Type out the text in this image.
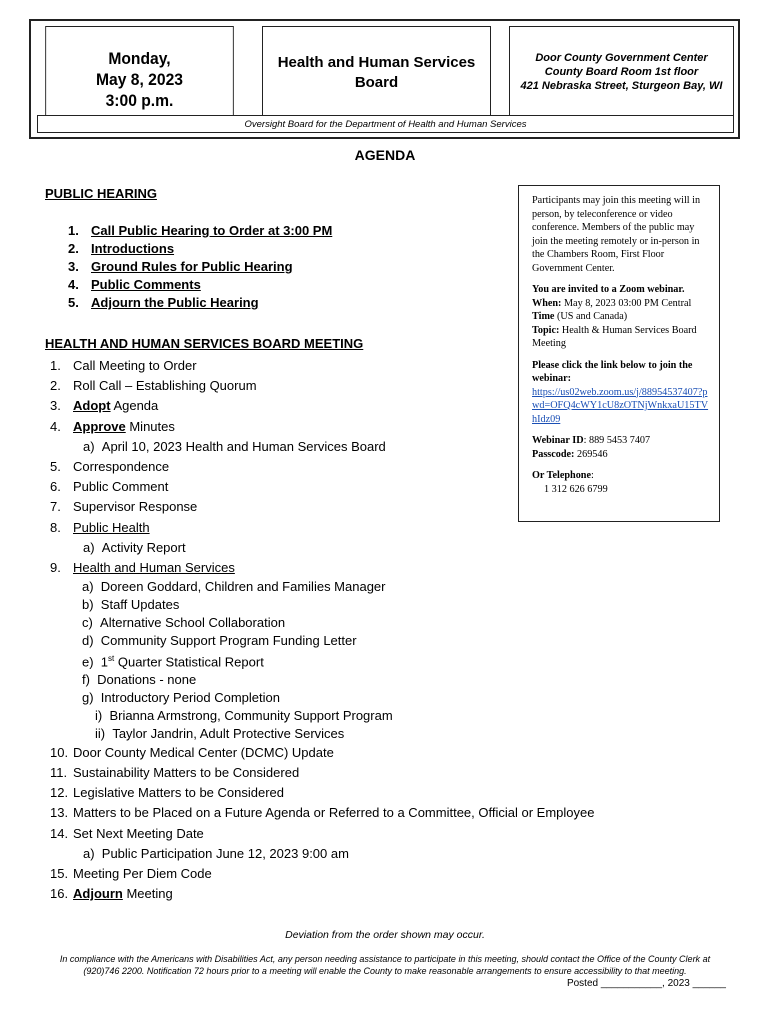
Monday,
May 8, 2023
3:00 p.m.
Health and Human Services
Board
Door County Government Center
County Board Room 1st floor
421 Nebraska Street, Sturgeon Bay, WI
Oversight Board for the Department of Health and Human Services
AGENDA
PUBLIC HEARING
1. Call Public Hearing to Order at 3:00 PM
2. Introductions
3. Ground Rules for Public Hearing
4. Public Comments
5. Adjourn the Public Hearing
HEALTH AND HUMAN SERVICES BOARD MEETING
1. Call Meeting to Order
2. Roll Call – Establishing Quorum
3. Adopt Agenda
4. Approve Minutes
a)  April 10, 2023 Health and Human Services Board
5. Correspondence
6. Public Comment
7. Supervisor Response
8. Public Health
a)  Activity Report
9. Health and Human Services
a)  Doreen Goddard, Children and Families Manager
b)  Staff Updates
c)  Alternative School Collaboration
d)  Community Support Program Funding Letter
e)  1st Quarter Statistical Report
f)  Donations - none
g)  Introductory Period Completion
i)  Brianna Armstrong, Community Support Program
ii)  Taylor Jandrin, Adult Protective Services
10. Door County Medical Center (DCMC) Update
11. Sustainability Matters to be Considered
12. Legislative Matters to be Considered
13. Matters to be Placed on a Future Agenda or Referred to a Committee, Official or Employee
14. Set Next Meeting Date
a)  Public Participation June 12, 2023 9:00 am
15. Meeting Per Diem Code
16. Adjourn Meeting

Participants may join this meeting will in person, by teleconference or video conference. Members of the public may join the meeting remotely or in-person in the Chambers Room, First Floor Government Center.

You are invited to a Zoom webinar.
When: May 8, 2023 03:00 PM Central Time (US and Canada)
Topic: Health & Human Services Board Meeting

Please click the link below to join the webinar:
https://us02web.zoom.us/j/88954537407?pwd=OFQ4cWY1cU8zOTNjWnkxaU15TVhIdz09

Webinar ID: 889 5453 7407
Passcode: 269546

Or Telephone:
1 312 626 6799

Deviation from the order shown may occur.
In compliance with the Americans with Disabilities Act, any person needing assistance to participate in this meeting, should contact the Office of the County Clerk at (920)746 2200. Notification 72 hours prior to a meeting will enable the County to make reasonable arrangements to ensure accessibility to that meeting.
Posted ___________, 2023 ______
